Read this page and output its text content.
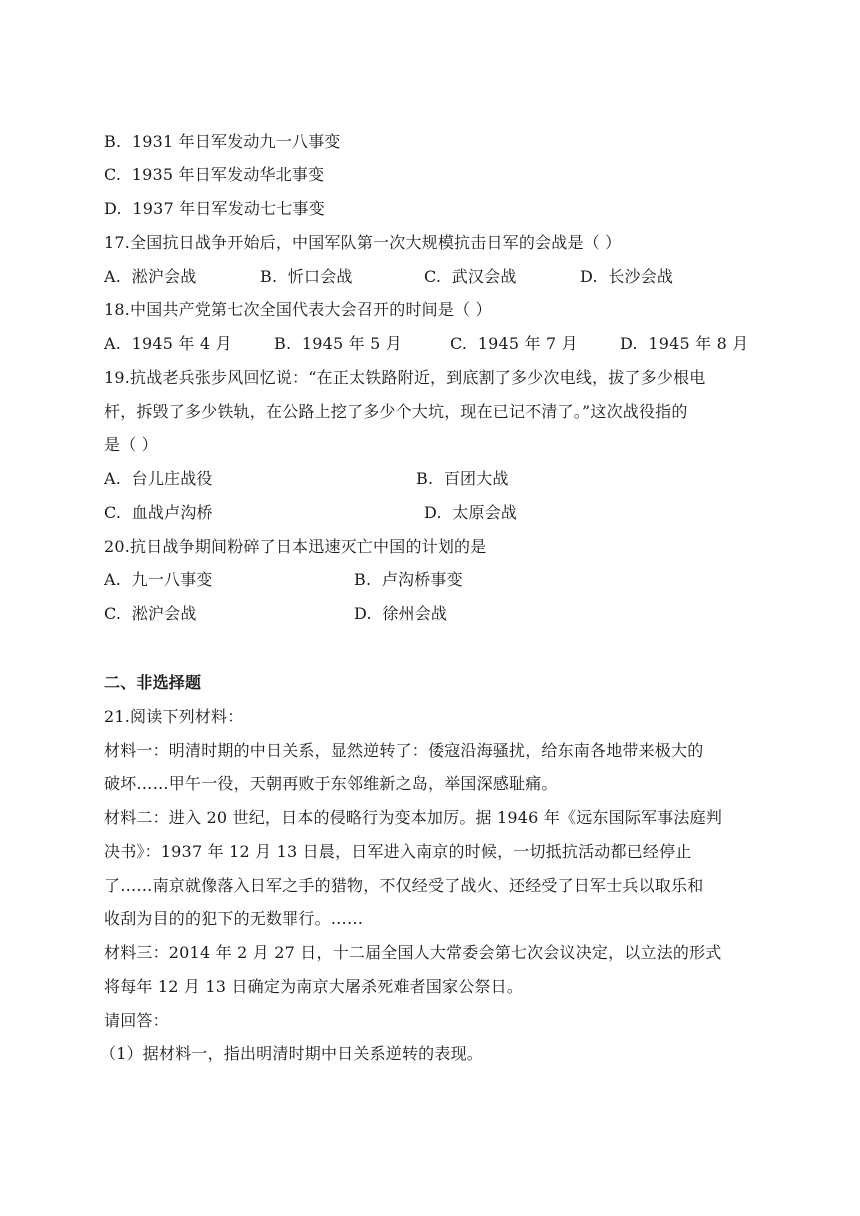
B.  1931 年日军发动九一八事变
C.  1935 年日军发动华北事变
D.  1937 年日军发动七七事变
17.全国抗日战争开始后，中国军队第一次大规模抗击日军的会战是（ ）
A.  淞沪会战	B.  忻口会战	C.  武汉会战	D.  长沙会战
18.中国共产党第七次全国代表大会召开的时间是（ ）
A.  1945 年 4 月	B.  1945 年 5 月	C.  1945 年 7 月	D.  1945 年 8 月
19.抗战老兵张步风回忆说：“在正太铁路附近，到底割了多少次电线，拔了多少根电
杆，拆毁了多少铁轨，在公路上挖了多少个大坑，现在已记不清了。”这次战役指的
是（ ）
A.  台儿庄战役	B.  百团大战
C.  血战卢沟桥	D.  太原会战
20.抗日战争期间粉碎了日本迅速灭亡中国的计划的是
A.  九一八事变	B.  卢沟桥事变
C.  淞沪会战	D.  徐州会战
二、非选择题
21.阅读下列材料：
材料一：明清时期的中日关系，显然逆转了：倭寇沿海骚扰，给东南各地带来极大的
破坏……甲午一役，天朝再败于东邻维新之岛，举国深感耻痛。
材料二：进入 20 世纪，日本的侵略行为变本加厉。据 1946 年《远东国际军事法庭判
决书》：1937 年 12 月 13 日晨，日军进入南京的时候，一切抵抗活动都已经停止
了……南京就像落入日军之手的猎物，不仅经受了战火、还经受了日军士兵以取乐和
收刮为目的的犯下的无数罪行。……
材料三：2014 年 2 月 27 日，十二届全国人大常委会第七次会议决定，以立法的形式
将每年 12 月 13 日确定为南京大屠杀死难者国家公祭日。
请回答：
（1）据材料一，指出明清时期中日关系逆转的表现。
